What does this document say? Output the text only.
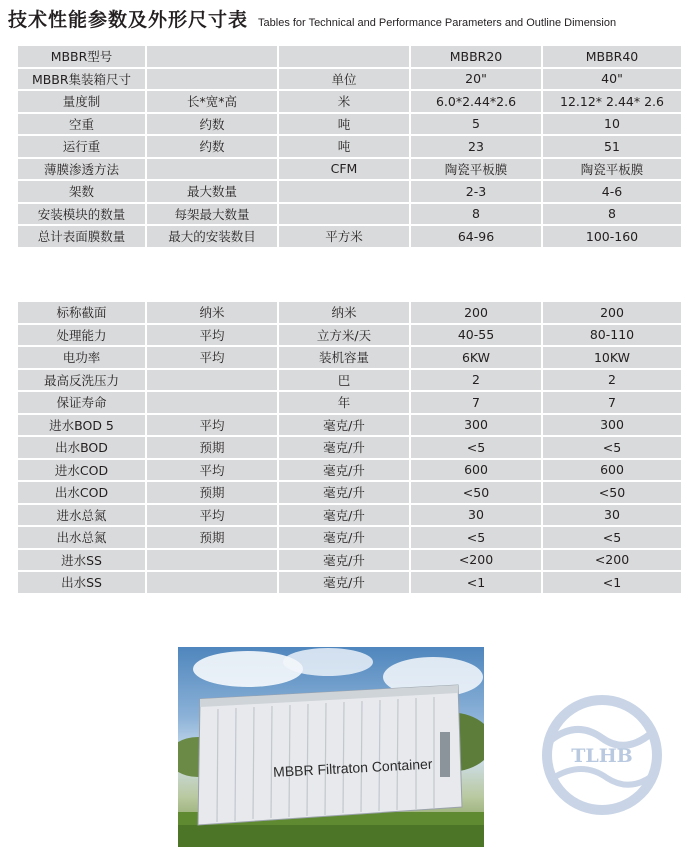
技术性能参数及外形尺寸表 Tables for Technical and Performance Parameters and Outline Dimension
MBBR型号			MBBR20	MBBR40
MBBR集装箱尺寸		单位	20"	40"
量度制	长*宽*高	米	6.0*2.44*2.6	12.12* 2.44* 2.6
空重	约数	吨	5	10
运行重	约数	吨	23	51
薄膜渗透方法		CFM	陶瓷平板膜	陶瓷平板膜
架数	最大数量		2-3	4-6
安装模块的数量	每架最大数量		8	8
总计表面膜数量	最大的安装数目	平方米	64-96	100-160
标称截面	纳米	纳米	200	200
处理能力	平均	立方米/天	40-55	80-110
电功率	平均	装机容量	6KW	10KW
最高反洗压力		巴	2	2
保证寿命		年	7	7
进水BOD 5	平均	毫克/升	300	300
出水BOD	预期	毫克/升	<5	<5
进水COD	平均	毫克/升	600	600
出水COD	预期	毫克/升	<50	<50
进水总氮	平均	毫克/升	30	30
出水总氮	预期	毫克/升	<5	<5
进水SS		毫克/升	<200	<200
出水SS		毫克/升	<1	<1
MBBR Filtraton Container	TLHB
